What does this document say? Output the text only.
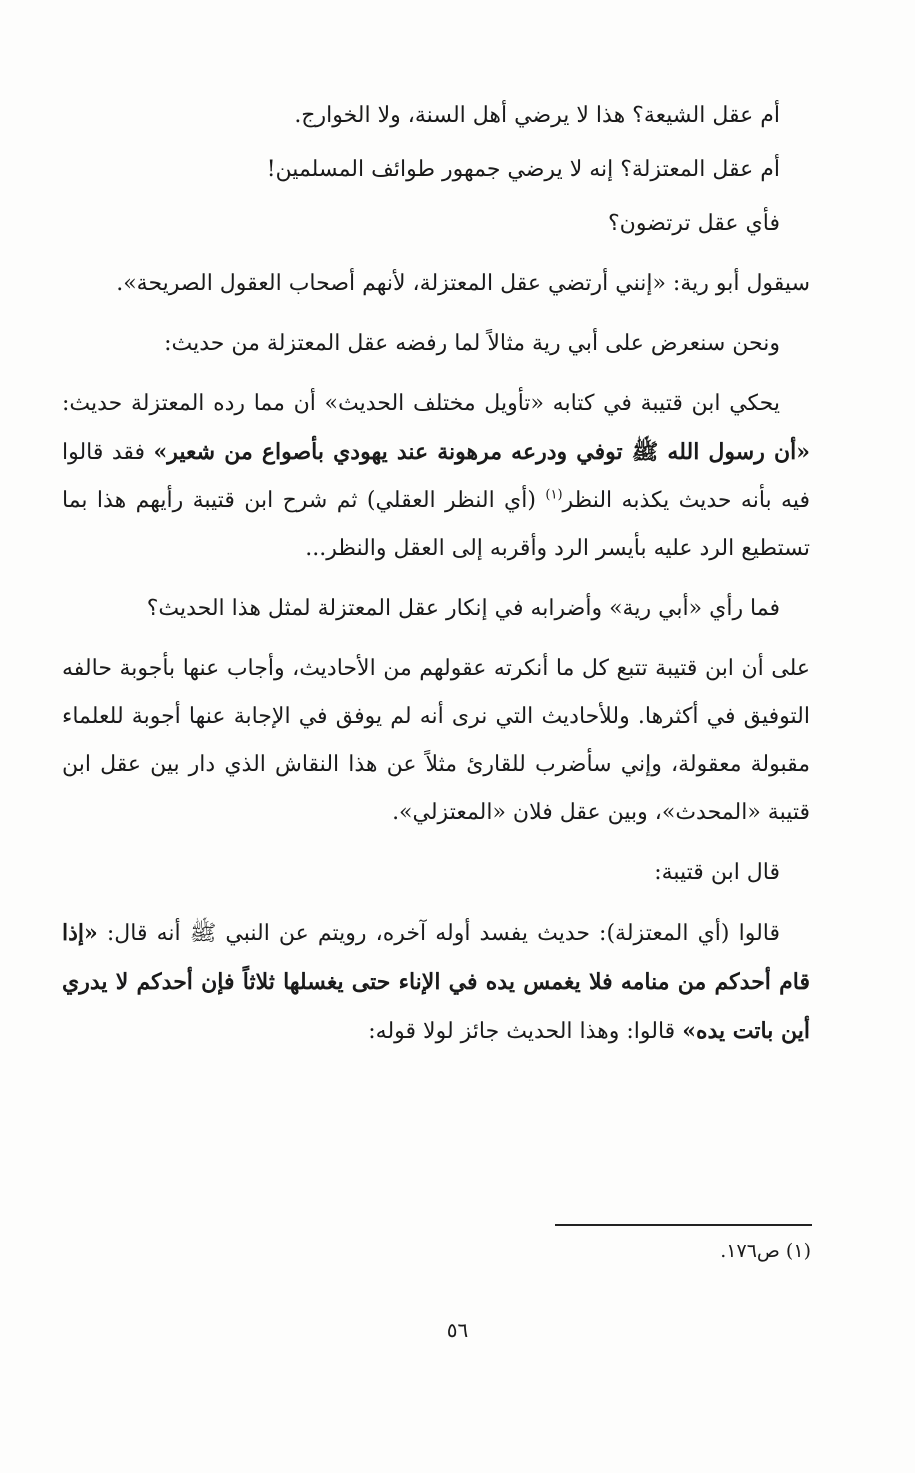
أم عقل الشيعة؟ هذا لا يرضي أهل السنة، ولا الخوارج.

أم عقل المعتزلة؟ إنه لا يرضي جمهور طوائف المسلمين!

فأي عقل ترتضون؟

سيقول أبو رية: «إنني أرتضي عقل المعتزلة، لأنهم أصحاب العقول الصريحة».

ونحن سنعرض على أبي رية مثالاً لما رفضه عقل المعتزلة من حديث:

يحكي ابن قتيبة في كتابه «تأويل مختلف الحديث» أن مما رده المعتزلة حديث: «أن رسول الله ﷺ توفي ودرعه مرهونة عند يهودي بأصواع من شعير» فقد قالوا فيه بأنه حديث يكذبه النظر$^{(١)}$ (أي النظر العقلي) ثم شرح ابن قتيبة رأيهم هذا بما تستطيع الرد عليه بأيسر الرد وأقربه إلى العقل والنظر...

فما رأي «أبي رية» وأضرابه في إنكار عقل المعتزلة لمثل هذا الحديث؟

على أن ابن قتيبة تتبع كل ما أنكرته عقولهم من الأحاديث، وأجاب عنها بأجوبة حالفه التوفيق في أكثرها. وللأحاديث التي نرى أنه لم يوفق في الإجابة عنها أجوبة للعلماء مقبولة معقولة، وإني سأضرب للقارئ مثلاً عن هذا النقاش الذي دار بين عقل ابن قتيبة «المحدث»، وبين عقل فلان «المعتزلي».

قال ابن قتيبة:

قالوا (أي المعتزلة): حديث يفسد أوله آخره، رويتم عن النبي ﷺ أنه قال: «إذا قام أحدكم من منامه فلا يغمس يده في الإناء حتى يغسلها ثلاثاً فإن أحدكم لا يدري أين باتت يده» قالوا: وهذا الحديث جائز لولا قوله:

(١) ص١٧٦.
٥٦
